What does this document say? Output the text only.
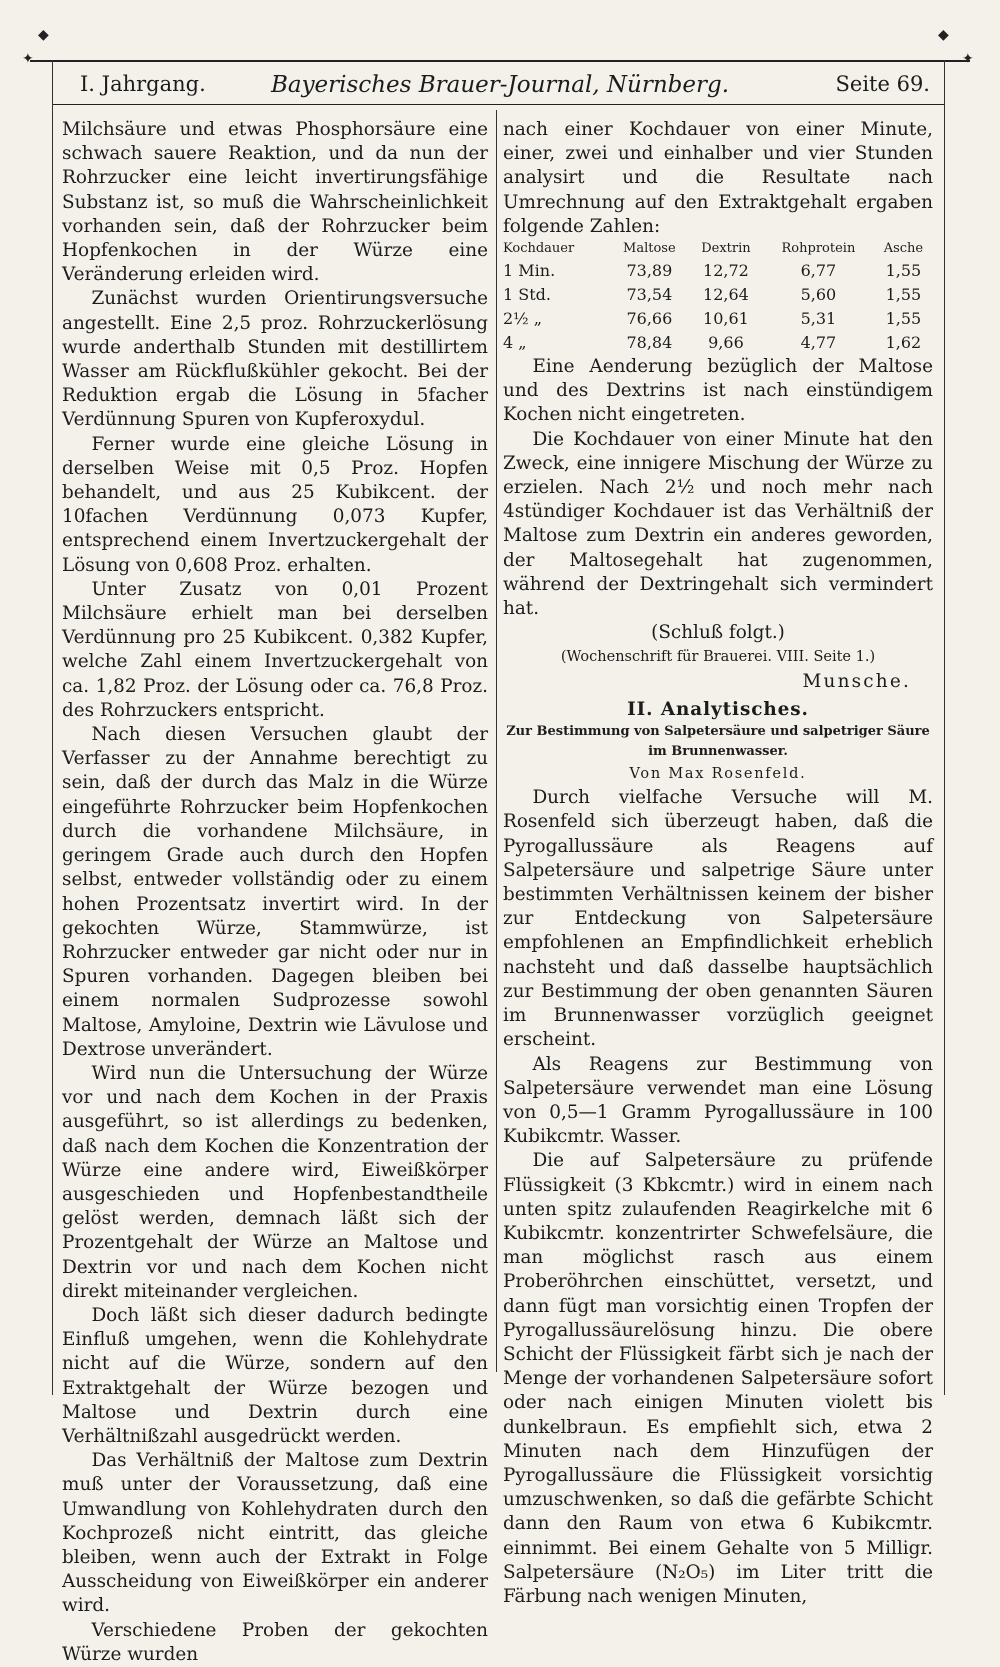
✦	✦
◆	◆
I. Jahrgang.	Bayerisches Brauer-Journal, Nürnberg.	Seite 69.

Milchsäure und etwas Phosphorsäure eine schwach sauere Reaktion, und da nun der Rohrzucker eine leicht invertirungsfähige Substanz ist, so muß die Wahrscheinlichkeit vorhanden sein, daß der Rohrzucker beim Hopfenkochen in der Würze eine Veränderung erleiden wird.

Zunächst wurden Orientirungsversuche angestellt. Eine 2,5 proz. Rohrzuckerlösung wurde anderthalb Stunden mit destillirtem Wasser am Rückflußkühler gekocht. Bei der Reduktion ergab die Lösung in 5facher Verdünnung Spuren von Kupferoxydul.

Ferner wurde eine gleiche Lösung in derselben Weise mit 0,5 Proz. Hopfen behandelt, und aus 25 Kubikcent. der 10fachen Verdünnung 0,073 Kupfer, entsprechend einem Invertzuckergehalt der Lösung von 0,608 Proz. erhalten.

Unter Zusatz von 0,01 Prozent Milchsäure erhielt man bei derselben Verdünnung pro 25 Kubikcent. 0,382 Kupfer, welche Zahl einem Invertzuckergehalt von ca. 1,82 Proz. der Lösung oder ca. 76,8 Proz. des Rohrzuckers entspricht.

Nach diesen Versuchen glaubt der Verfasser zu der Annahme berechtigt zu sein, daß der durch das Malz in die Würze eingeführte Rohrzucker beim Hopfenkochen durch die vorhandene Milchsäure, in geringem Grade auch durch den Hopfen selbst, entweder vollständig oder zu einem hohen Prozentsatz invertirt wird. In der gekochten Würze, Stammwürze, ist Rohrzucker entweder gar nicht oder nur in Spuren vorhanden. Dagegen bleiben bei einem normalen Sudprozesse sowohl Maltose, Amyloine, Dextrin wie Lävulose und Dextrose unverändert.

Wird nun die Untersuchung der Würze vor und nach dem Kochen in der Praxis ausgeführt, so ist allerdings zu bedenken, daß nach dem Kochen die Konzentration der Würze eine andere wird, Eiweißkörper ausgeschieden und Hopfenbestandtheile gelöst werden, demnach läßt sich der Prozentgehalt der Würze an Maltose und Dextrin vor und nach dem Kochen nicht direkt miteinander vergleichen.

Doch läßt sich dieser dadurch bedingte Einfluß umgehen, wenn die Kohlehydrate nicht auf die Würze, sondern auf den Extraktgehalt der Würze bezogen und Maltose und Dextrin durch eine Verhältnißzahl ausgedrückt werden.

Das Verhältniß der Maltose zum Dextrin muß unter der Voraussetzung, daß eine Umwandlung von Kohlehydraten durch den Kochprozeß nicht eintritt, das gleiche bleiben, wenn auch der Extrakt in Folge Ausscheidung von Eiweißkörper ein anderer wird.

Verschiedene Proben der gekochten Würze wurden

nach einer Kochdauer von einer Minute, einer, zwei und einhalber und vier Stunden analysirt und die Resultate nach Umrechnung auf den Extraktgehalt ergaben folgende Zahlen:

Kochdauer	Maltose	Dextrin	Rohprotein	Asche
1 Min.	73,89	12,72	6,77	1,55
1 Std.	73,54	12,64	5,60	1,55
2½ „	76,66	10,61	5,31	1,55
4 „	78,84	9,66	4,77	1,62

Eine Aenderung bezüglich der Maltose und des Dextrins ist nach einstündigem Kochen nicht eingetreten.

Die Kochdauer von einer Minute hat den Zweck, eine innigere Mischung der Würze zu erzielen. Nach 2½ und noch mehr nach 4stündiger Kochdauer ist das Verhältniß der Maltose zum Dextrin ein anderes geworden, der Maltosegehalt hat zugenommen, während der Dextringehalt sich vermindert hat.

(Schluß folgt.)

(Wochenschrift für Brauerei. VIII. Seite 1.)

Munsche.

II. Analytisches.

Zur Bestimmung von Salpetersäure und salpetriger Säure im Brunnenwasser.

Von Max Rosenfeld.

Durch vielfache Versuche will M. Rosenfeld sich überzeugt haben, daß die Pyrogallussäure als Reagens auf Salpetersäure und salpetrige Säure unter bestimmten Verhältnissen keinem der bisher zur Entdeckung von Salpetersäure empfohlenen an Empfindlichkeit erheblich nachsteht und daß dasselbe hauptsächlich zur Bestimmung der oben genannten Säuren im Brunnenwasser vorzüglich geeignet erscheint.

Als Reagens zur Bestimmung von Salpetersäure verwendet man eine Lösung von 0,5—1 Gramm Pyrogallussäure in 100 Kubikcmtr. Wasser.

Die auf Salpetersäure zu prüfende Flüssigkeit (3 Kbkcmtr.) wird in einem nach unten spitz zulaufenden Reagirkelche mit 6 Kubikcmtr. konzentrirter Schwefelsäure, die man möglichst rasch aus einem Proberöhrchen einschüttet, versetzt, und dann fügt man vorsichtig einen Tropfen der Pyrogallussäurelösung hinzu. Die obere Schicht der Flüssigkeit färbt sich je nach der Menge der vorhandenen Salpetersäure sofort oder nach einigen Minuten violett bis dunkelbraun. Es empfiehlt sich, etwa 2 Minuten nach dem Hinzufügen der Pyrogallussäure die Flüssigkeit vorsichtig umzuschwenken, so daß die gefärbte Schicht dann den Raum von etwa 6 Kubikcmtr. einnimmt. Bei einem Gehalte von 5 Milligr. Salpetersäure (N₂O₅) im Liter tritt die Färbung nach wenigen Minuten,
